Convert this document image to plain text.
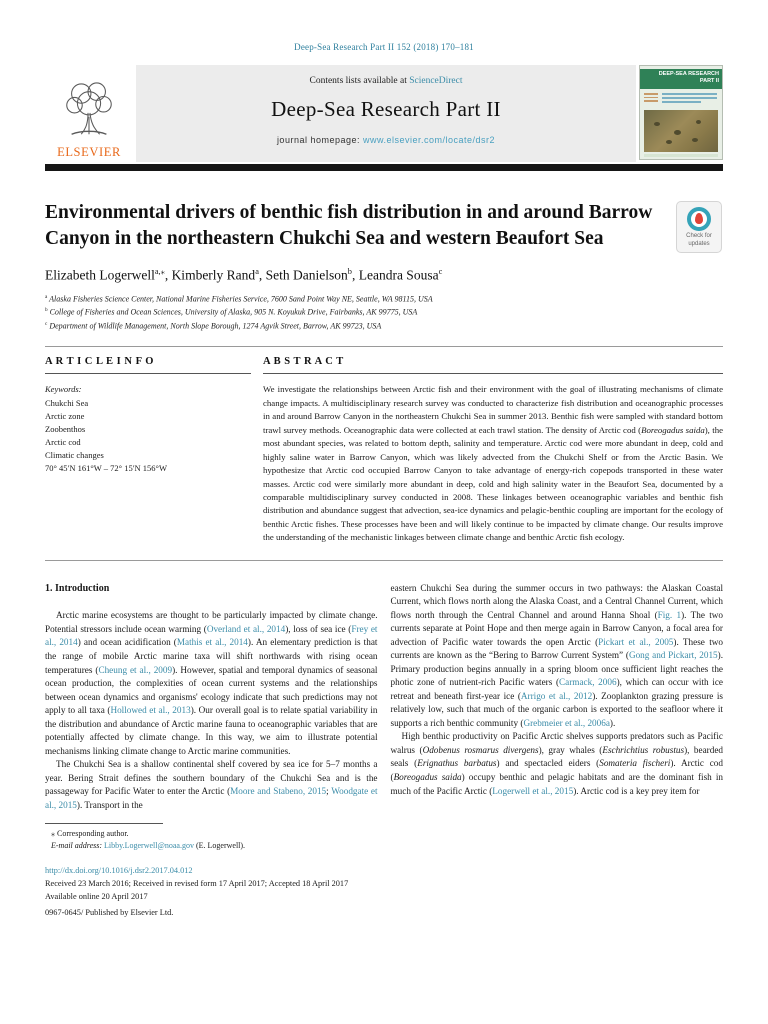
Deep-Sea Research Part II 152 (2018) 170–181
ELSEVIER
Contents lists available at ScienceDirect
Deep-Sea Research Part II
journal homepage: www.elsevier.com/locate/dsr2
DEEP-SEA RESEARCH
PART II
Environmental drivers of benthic fish distribution in and around Barrow Canyon in the northeastern Chukchi Sea and western Beaufort Sea	Check for
updates
Elizabeth Logerwell$^{a,⁎}$, Kimberly Rand$^a$, Seth Danielson$^b$, Leandra Sousa$^c$
$^a$ Alaska Fisheries Science Center, National Marine Fisheries Service, 7600 Sand Point Way NE, Seattle, WA 98115, USA
$^b$ College of Fisheries and Ocean Sciences, University of Alaska, 905 N. Koyukuk Drive, Fairbanks, AK 99775, USA
$^c$ Department of Wildlife Management, North Slope Borough, 1274 Agvik Street, Barrow, AK 99723, USA
A R T I C L E I N F O
Keywords:
Chukchi Sea
Arctic zone
Zoobenthos
Arctic cod
Climatic changes
70° 45′N 161°W – 72° 15′N 156°W
A B S T R A C T
We investigate the relationships between Arctic fish and their environment with the goal of illustrating mechanisms of climate change impacts. A multidisciplinary research survey was conducted to characterize fish distribution and oceanographic processes in and around Barrow Canyon in the northeastern Chukchi Sea in summer 2013. Benthic fish were sampled with standard bottom trawl survey methods. Oceanographic data were collected at each trawl station. The density of Arctic cod (Boreogadus saida), the most abundant species, was related to bottom depth, salinity and temperature. Arctic cod were more abundant in deep, cold and highly saline water in Barrow Canyon, which was likely advected from the Chukchi Shelf or from the Arctic Basin. We hypothesize that Arctic cod occupied Barrow Canyon to take advantage of energy-rich copepods transported in these water masses. Arctic cod were similarly more abundant in deep, cold and high salinity water in the Beaufort Sea, documented by a comparable multidisciplinary survey conducted in 2008. These linkages between oceanographic variables and benthic fish distribution and abundance suggest that advection, sea-ice dynamics and pelagic-benthic coupling are important for the ecology of benthic Arctic fishes. These processes have been and will likely continue to be impacted by climate change. Our results improve the understanding of the mechanistic linkages between climate change and benthic Arctic fish ecology.
1. Introduction

Arctic marine ecosystems are thought to be particularly impacted by climate change. Potential stressors include ocean warming (Overland et al., 2014), loss of sea ice (Frey et al., 2014) and ocean acidification (Mathis et al., 2014). An elementary prediction is that the range of mobile Arctic marine taxa will shift northwards with rising ocean temperatures (Cheung et al., 2009). However, spatial and temporal dynamics of seasonal ocean production, the complexities of ocean current systems and the relationships between ocean dynamics and organisms' ecology indicate that such predictions may not apply to all taxa (Hollowed et al., 2013). Our overall goal is to relate spatial variability in the distribution and abundance of Arctic marine fauna to oceanographic variables that are potentially affected by climate change. In this way, we aim to illustrate potential mechanisms linking climate change to Arctic marine communities.

The Chukchi Sea is a shallow continental shelf covered by sea ice for 5–7 months a year. Bering Strait defines the southern boundary of the Chukchi Sea and is the passageway for Pacific Water to enter the Arctic (Moore and Stabeno, 2015; Woodgate et al., 2015). Transport in the

eastern Chukchi Sea during the summer occurs in two pathways: the Alaskan Coastal Current, which flows north along the Alaska Coast, and a Central Channel Current, which flows north through the Central Channel and around Hanna Shoal (Fig. 1). The two currents separate at Point Hope and then merge again in Barrow Canyon, a focal area for advection of Pacific water towards the open Arctic (Pickart et al., 2005). These two currents are known as the “Bering to Barrow Current System” (Gong and Pickart, 2015). Primary production begins annually in a spring bloom once sufficient light reaches the photic zone of nutrient-rich Pacific waters (Carmack, 2006), which can occur with ice retreat and beneath first-year ice (Arrigo et al., 2012). Zooplankton grazing pressure is relatively low, such that much of the organic carbon is exported to the seafloor where it supports a rich benthic community (Grebmeier et al., 2006a).

High benthic productivity on Pacific Arctic shelves supports predators such as Pacific walrus (Odobenus rosmarus divergens), gray whales (Eschrichtius robustus), bearded seals (Erignathus barbatus) and spectacled eiders (Somateria fischeri). Arctic cod (Boreogadus saida) occupy benthic and pelagic habitats and are the dominant fish in much of the Pacific Arctic (Logerwell et al., 2015). Arctic cod is a key prey item for

⁎ Corresponding author.
E-mail address: Libby.Logerwell@noaa.gov (E. Logerwell).
http://dx.doi.org/10.1016/j.dsr2.2017.04.012
Received 23 March 2016; Received in revised form 17 April 2017; Accepted 18 April 2017
Available online 20 April 2017
0967-0645/ Published by Elsevier Ltd.
